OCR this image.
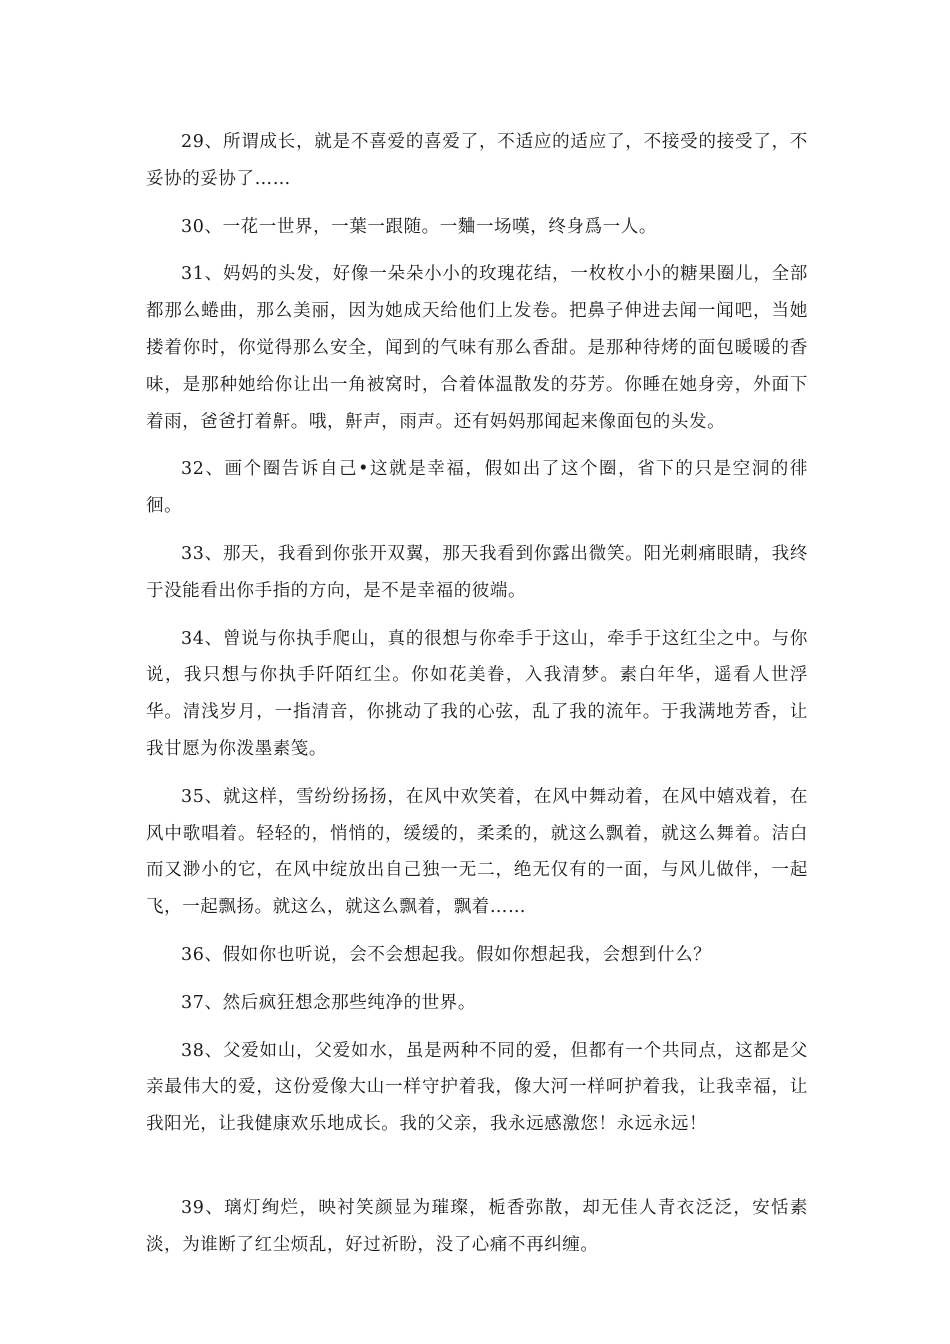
29、所谓成长，就是不喜爱的喜爱了，不适应的适应了，不接受的接受了，不妥协的妥协了……

30、一花一世界，一葉一跟随。一麯一场嘆，终身爲一人。

31、妈妈的头发，好像一朵朵小小的玫瑰花结，一枚枚小小的糖果圈儿，全部都那么蜷曲，那么美丽，因为她成天给他们上发卷。把鼻子伸进去闻一闻吧，当她搂着你时，你觉得那么安全，闻到的气味有那么香甜。是那种待烤的面包暖暖的香味，是那种她给你让出一角被窝时，合着体温散发的芬芳。你睡在她身旁，外面下着雨，爸爸打着鼾。哦，鼾声，雨声。还有妈妈那闻起来像面包的头发。

32、画个圈告诉自己•这就是幸福，假如出了这个圈，省下的只是空洞的徘徊。

33、那天，我看到你张开双翼，那天我看到你露出微笑。阳光刺痛眼睛，我终于没能看出你手指的方向，是不是幸福的彼端。

34、曾说与你执手爬山，真的很想与你牵手于这山，牵手于这红尘之中。与你说，我只想与你执手阡陌红尘。你如花美眷，入我清梦。素白年华，遥看人世浮华。清浅岁月，一指清音，你挑动了我的心弦，乱了我的流年。于我满地芳香，让我甘愿为你泼墨素笺。

35、就这样，雪纷纷扬扬，在风中欢笑着，在风中舞动着，在风中嬉戏着，在风中歌唱着。轻轻的，悄悄的，缓缓的，柔柔的，就这么飘着，就这么舞着。洁白而又渺小的它，在风中绽放出自己独一无二，绝无仅有的一面，与风儿做伴，一起飞，一起飘扬。就这么，就这么飘着，飘着……

36、假如你也听说，会不会想起我。假如你想起我，会想到什么？

37、然后疯狂想念那些纯净的世界。

38、父爱如山，父爱如水，虽是两种不同的爱，但都有一个共同点，这都是父亲最伟大的爱，这份爱像大山一样守护着我，像大河一样呵护着我，让我幸福，让我阳光，让我健康欢乐地成长。我的父亲，我永远感激您！永远永远！

39、璃灯绚烂，映衬笑颜显为璀璨，栀香弥散，却无佳人青衣泛泛，安恬素淡，为谁断了红尘烦乱，好过祈盼，没了心痛不再纠缠。
